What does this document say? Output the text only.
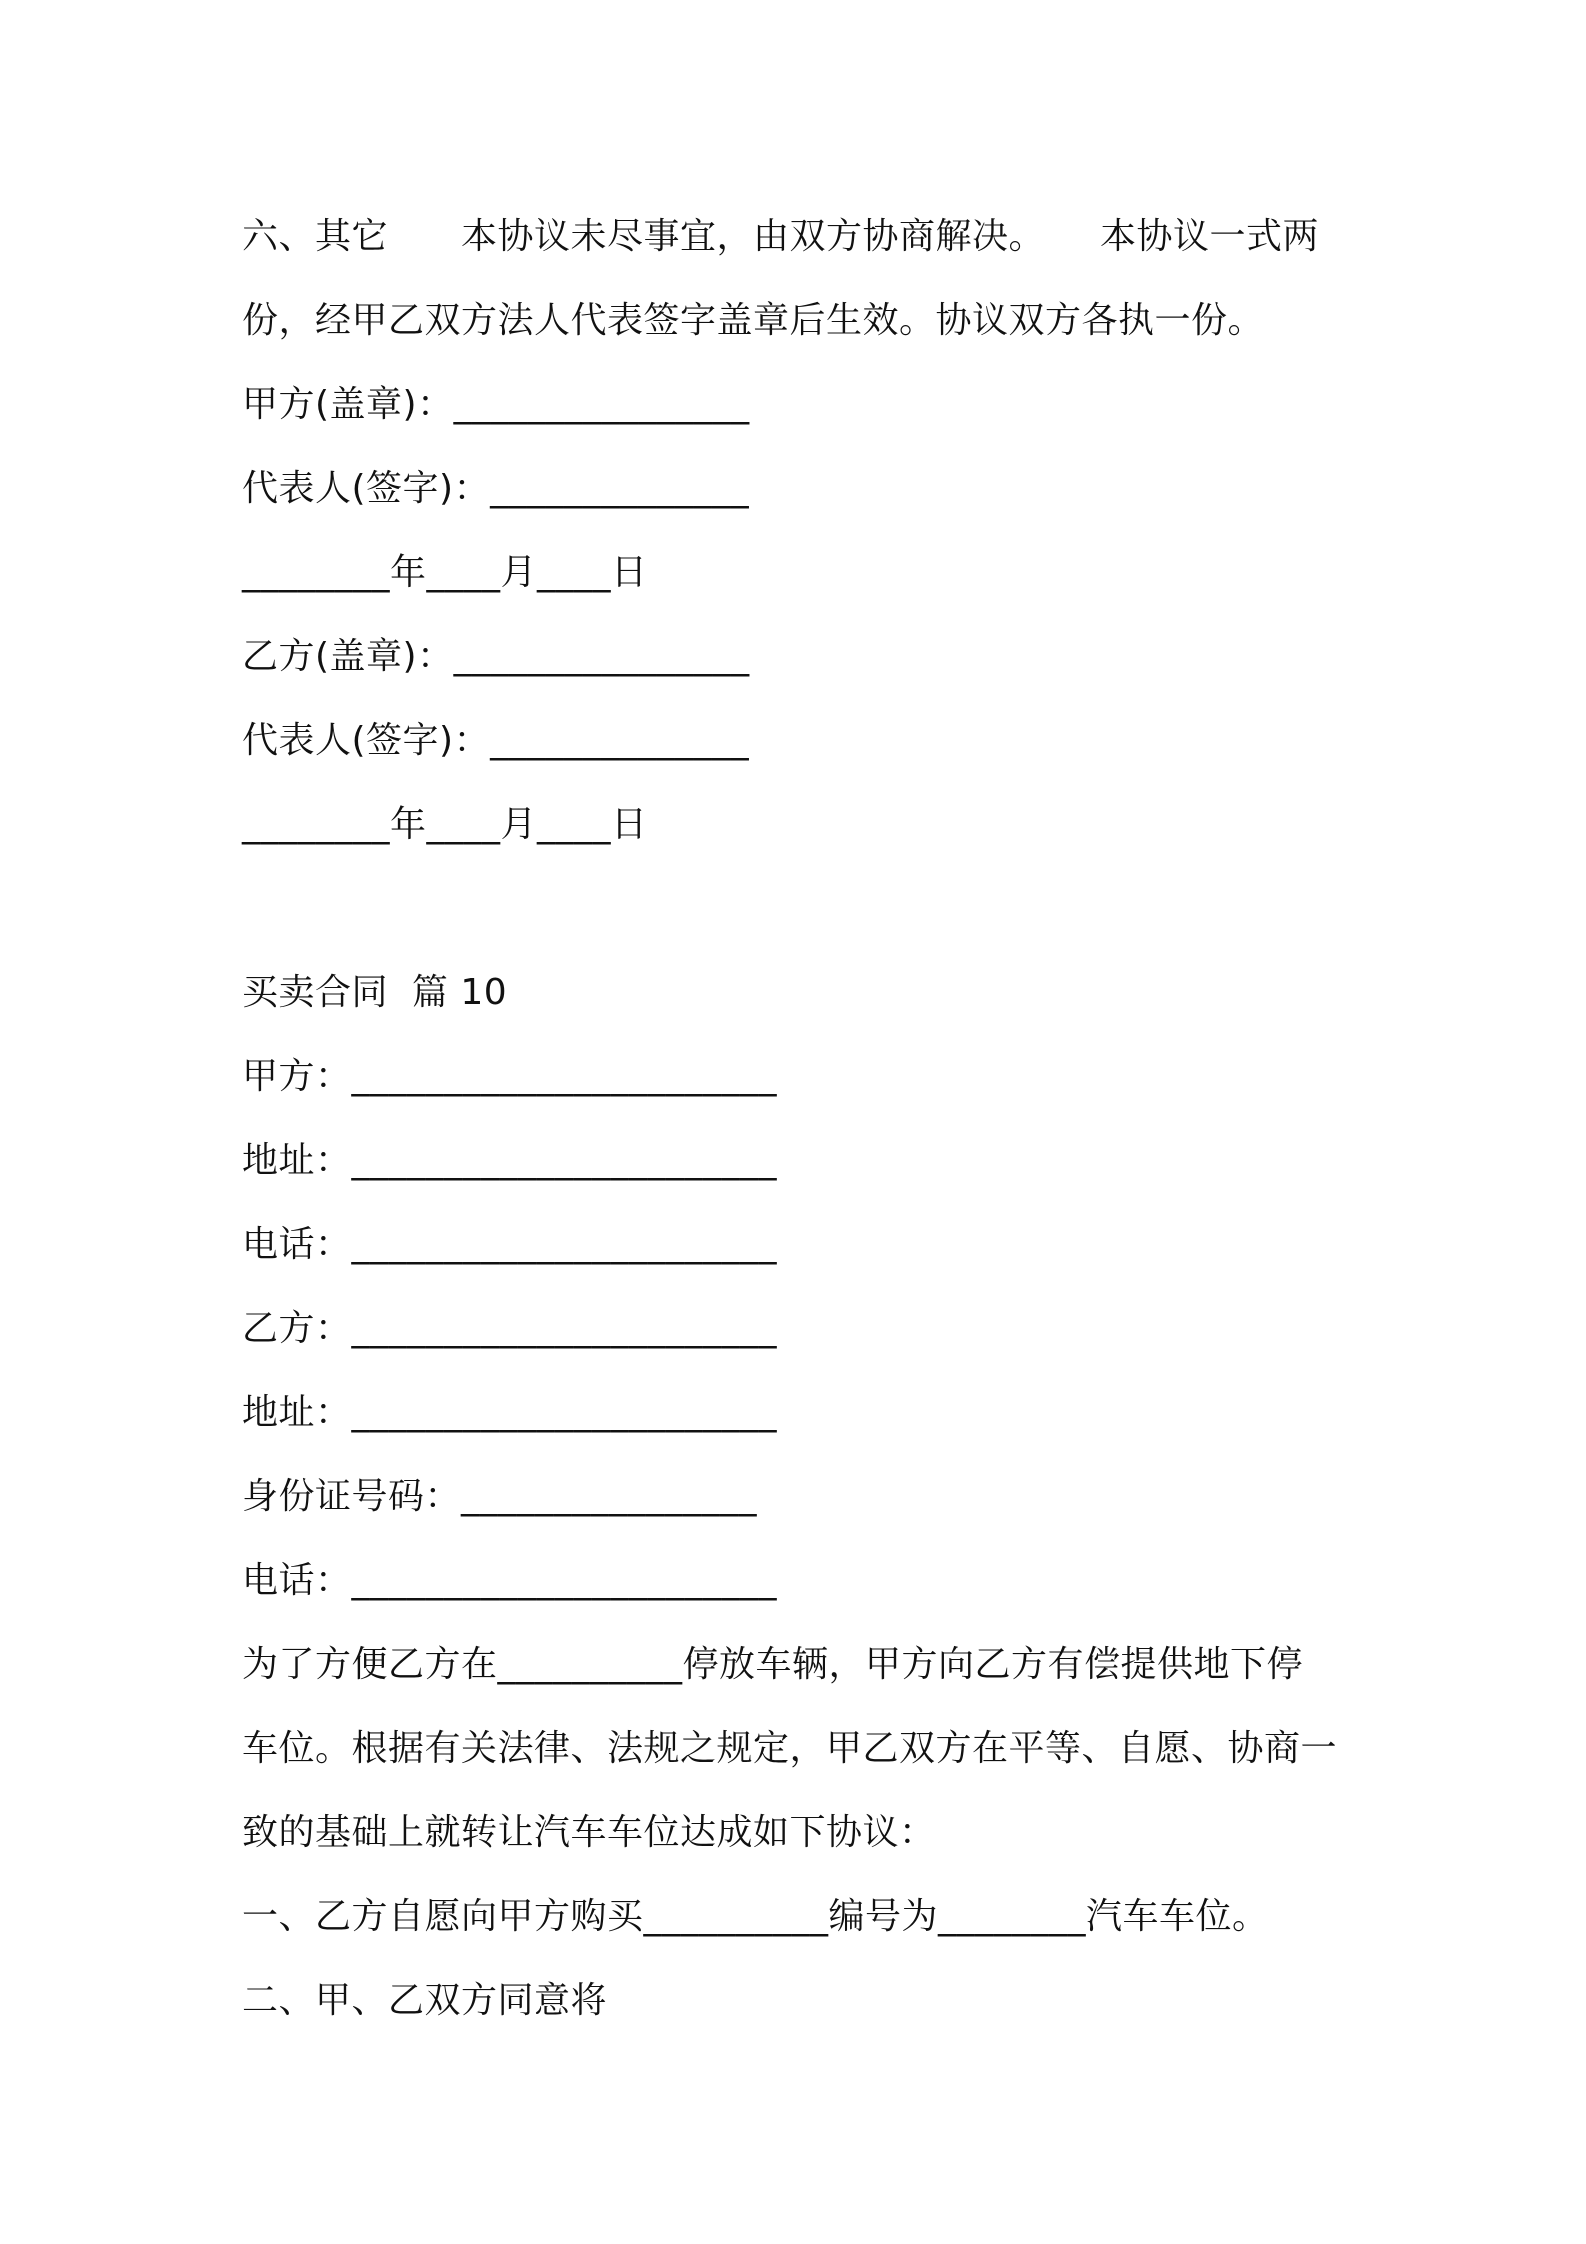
六、其它　　本协议未尽事宜，由双方协商解决。　　本协议一式两
份，经甲乙双方法人代表签字盖章后生效。协议双方各执一份。
甲方(盖章)：________________
代表人(签字)：______________
________年____月____日
乙方(盖章)：________________
代表人(签字)：______________
________年____月____日
买卖合同  篇 10
甲方：_______________________
地址：_______________________
电话：_______________________
乙方：_______________________
地址：_______________________
身份证号码：________________
电话：_______________________
为了方便乙方在__________停放车辆，甲方向乙方有偿提供地下停
车位。根据有关法律、法规之规定，甲乙双方在平等、自愿、协商一
致的基础上就转让汽车车位达成如下协议：
一、乙方自愿向甲方购买__________编号为________汽车车位。
二、甲、乙双方同意将
